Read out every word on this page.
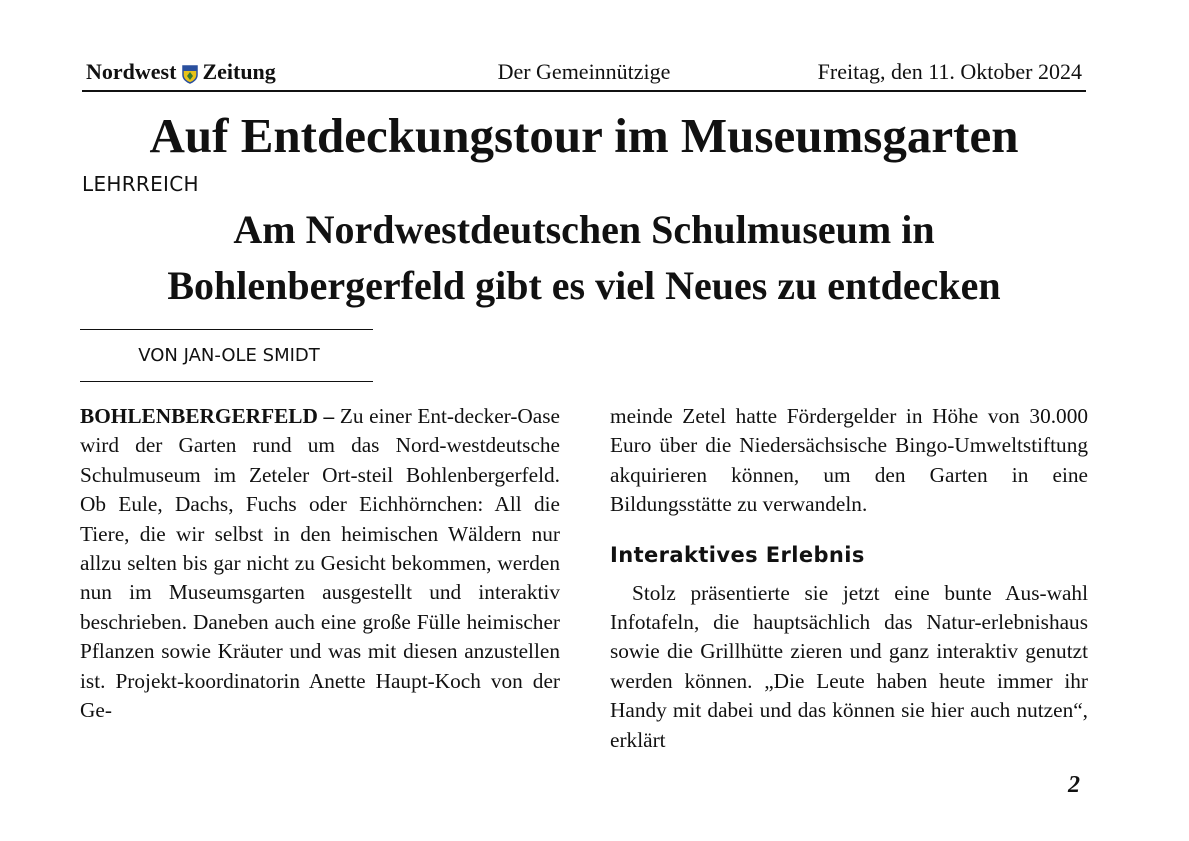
Nordwest Zeitung	Der Gemeinnützige	Freitag, den 11. Oktober 2024
Auf Entdeckungstour im Museumsgarten
LEHRREICH
Am Nordwestdeutschen Schulmuseum in Bohlenbergerfeld gibt es viel Neues zu entdecken
VON JAN-OLE SMIDT

BOHLENBERGERFELD – Zu einer Ent-decker-Oase wird der Garten rund um das Nord-westdeutsche Schulmuseum im Zeteler Ort-steil Bohlenbergerfeld. Ob Eule, Dachs, Fuchs oder Eichhörnchen: All die Tiere, die wir selbst in den heimischen Wäldern nur allzu selten bis gar nicht zu Gesicht bekommen, werden nun im Museumsgarten ausgestellt und interaktiv beschrieben. Daneben auch eine große Fülle heimischer Pflanzen sowie Kräuter und was mit diesen anzustellen ist. Projekt-koordinatorin Anette Haupt-Koch von der Ge-

meinde Zetel hatte Fördergelder in Höhe von 30.000 Euro über die Niedersächsische Bingo-Umweltstiftung akquirieren können, um den Garten in eine Bildungsstätte zu verwandeln.

Interaktives Erlebnis

Stolz präsentierte sie jetzt eine bunte Aus-wahl Infotafeln, die hauptsächlich das Natur-erlebnishaus sowie die Grillhütte zieren und ganz interaktiv genutzt werden können. „Die Leute haben heute immer ihr Handy mit dabei und das können sie hier auch nutzen“, erklärt

2
